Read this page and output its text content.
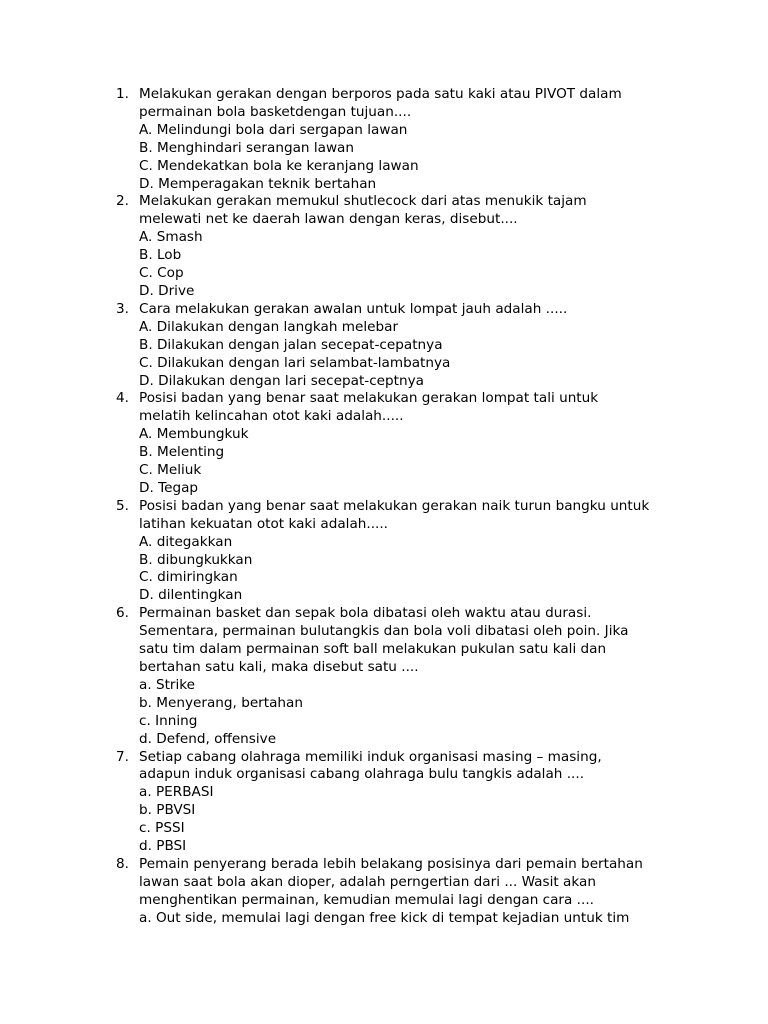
1. Melakukan gerakan dengan berporos pada satu kaki atau PIVOT dalam
permainan bola basketdengan tujuan....
A. Melindungi bola dari sergapan lawan
B. Menghindari serangan lawan
C. Mendekatkan bola ke keranjang lawan
D. Memperagakan teknik bertahan
2. Melakukan gerakan memukul shutlecock dari atas menukik tajam
melewati net ke daerah lawan dengan keras, disebut....
A. Smash
B. Lob
C. Cop
D. Drive
3. Cara melakukan gerakan awalan untuk lompat jauh adalah .....
A. Dilakukan dengan langkah melebar
B. Dilakukan dengan jalan secepat-cepatnya
C. Dilakukan dengan lari selambat-lambatnya
D. Dilakukan dengan lari secepat-ceptnya
4. Posisi badan yang benar saat melakukan gerakan lompat tali untuk
melatih kelincahan otot kaki adalah.....
A. Membungkuk
B. Melenting
C. Meliuk
D. Tegap
5. Posisi badan yang benar saat melakukan gerakan naik turun bangku untuk
latihan kekuatan otot kaki adalah.....
A. ditegakkan
B. dibungkukkan
C. dimiringkan
D. dilentingkan
6. Permainan basket dan sepak bola dibatasi oleh waktu atau durasi.
Sementara, permainan bulutangkis dan bola voli dibatasi oleh poin. Jika
satu tim dalam permainan soft ball melakukan pukulan satu kali dan
bertahan satu kali, maka disebut satu ....
a. Strike
b. Menyerang, bertahan
c. Inning
d. Defend, offensive
7. Setiap cabang olahraga memiliki induk organisasi masing – masing,
adapun induk organisasi cabang olahraga bulu tangkis adalah ....
a. PERBASI
b. PBVSI
c. PSSI
d. PBSI
8. Pemain penyerang berada lebih belakang posisinya dari pemain bertahan
lawan saat bola akan dioper, adalah perngertian dari ... Wasit akan
menghentikan permainan, kemudian memulai lagi dengan cara ....
a. Out side, memulai lagi dengan free kick di tempat kejadian untuk tim
